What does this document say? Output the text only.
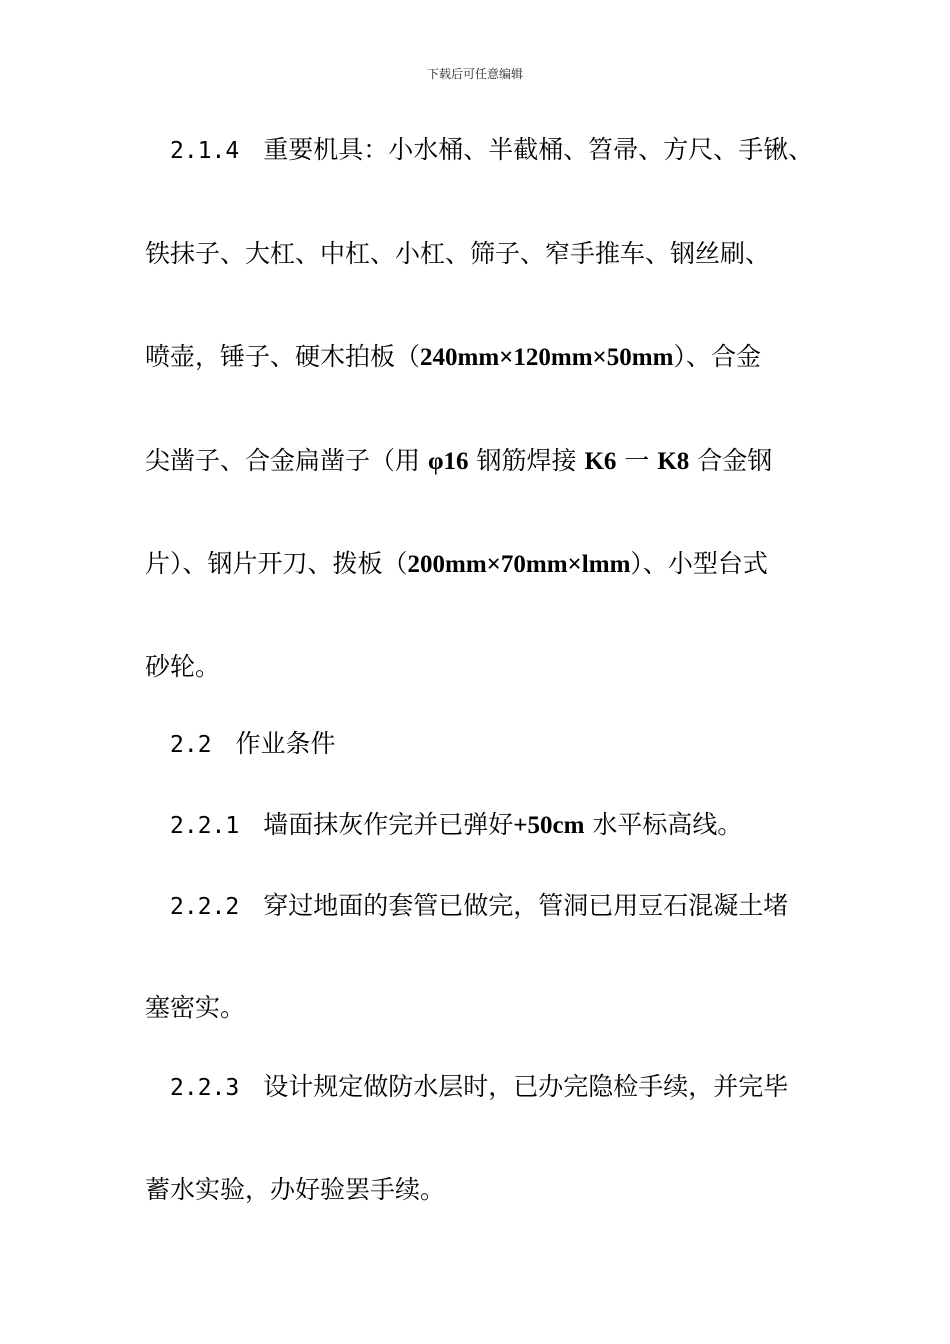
下载后可任意编辑
2.1.4 重要机具：小水桶、半截桶、笤帚、方尺、手锹、
铁抹子、大杠、中杠、小杠、筛子、窄手推车、钢丝刷、
喷壶，锤子、硬木拍板（240mm×120mm×50mm）、合金
尖凿子、合金扁凿子（用 φ16 钢筋焊接 K6 一 K8 合金钢
片）、钢片开刀、拨板（200mm×70mm×lmm）、小型台式
砂轮。
2.2 作业条件
2.2.1 墙面抹灰作完并已弹好+50cm 水平标高线。
2.2.2 穿过地面的套管已做完，管洞已用豆石混凝土堵
塞密实。
2.2.3 设计规定做防水层时，已办完隐检手续，并完毕
蓄水实验，办好验罢手续。
